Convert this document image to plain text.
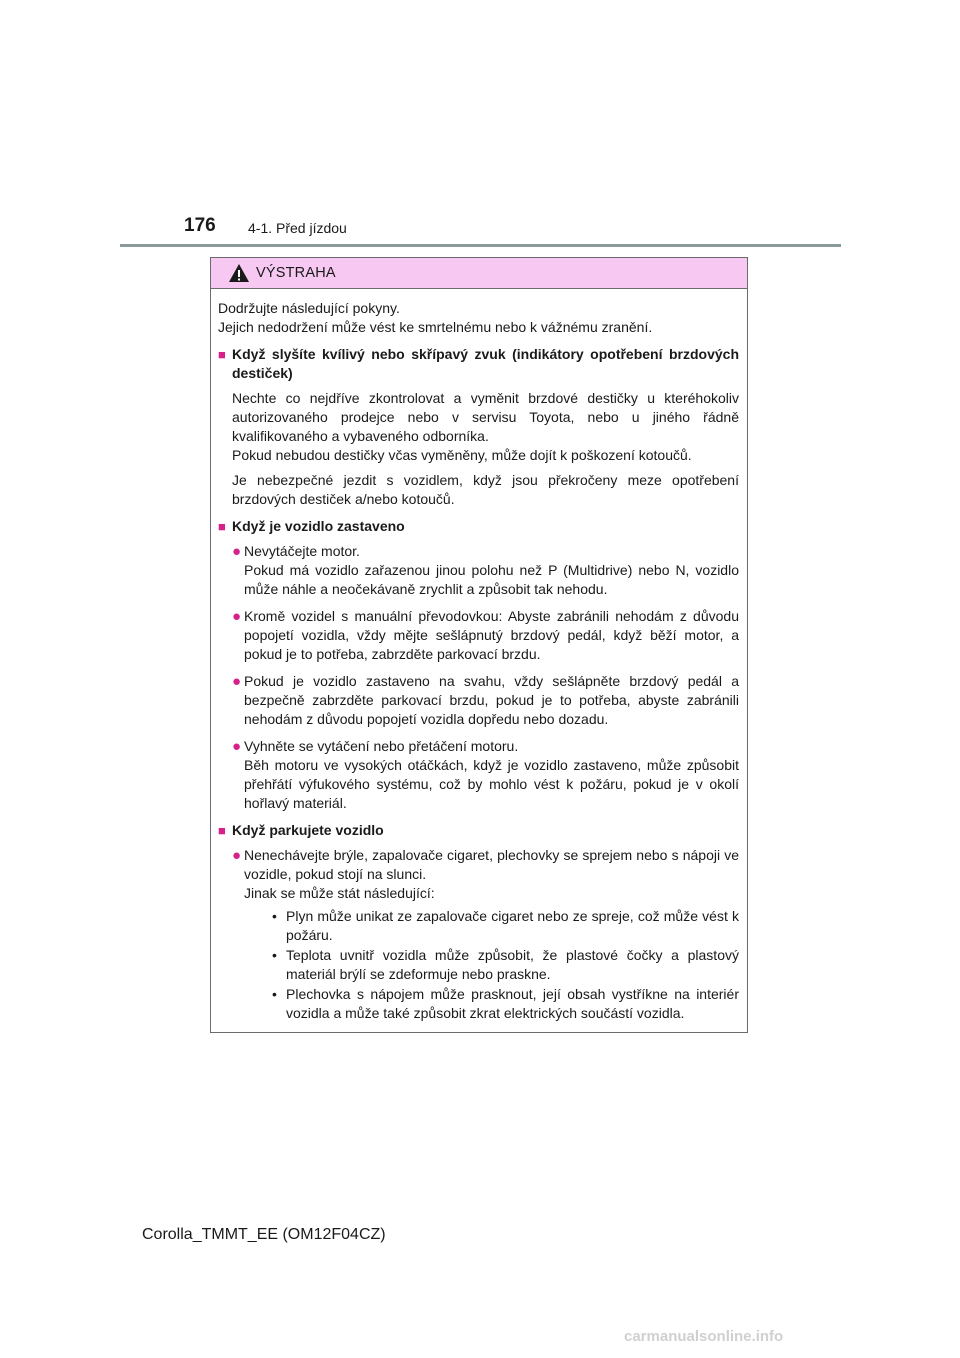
176 4-1. Před jízdou
VÝSTRAHA

Dodržujte následující pokyny.
Jejich nedodržení může vést ke smrtelnému nebo k vážnému zranění.

■ Když slyšíte kvílivý nebo skřípavý zvuk (indikátory opotřebení brzdových destiček)

Nechte co nejdříve zkontrolovat a vyměnit brzdové destičky u kteréhokoliv autorizovaného prodejce nebo v servisu Toyota, nebo u jiného řádně kvalifikovaného a vybaveného odborníka.
Pokud nebudou destičky včas vyměněny, může dojít k poškození kotoučů.

Je nebezpečné jezdit s vozidlem, když jsou překročeny meze opotřebení brzdových destiček a/nebo kotoučů.

■ Když je vozidlo zastaveno
● Nevytáčejte motor.
Pokud má vozidlo zařazenou jinou polohu než P (Multidrive) nebo N, vozidlo může náhle a neočekávaně zrychlit a způsobit tak nehodu.
● Kromě vozidel s manuální převodovkou: Abyste zabránili nehodám z důvodu popojetí vozidla, vždy mějte sešlápnutý brzdový pedál, když běží motor, a pokud je to potřeba, zabrzděte parkovací brzdu.
● Pokud je vozidlo zastaveno na svahu, vždy sešlápněte brzdový pedál a bezpečně zabrzděte parkovací brzdu, pokud je to potřeba, abyste zabránili nehodám z důvodu popojetí vozidla dopředu nebo dozadu.
● Vyhněte se vytáčení nebo přetáčení motoru.
Běh motoru ve vysokých otáčkách, když je vozidlo zastaveno, může způsobit přehřátí výfukového systému, což by mohlo vést k požáru, pokud je v okolí hořlavý materiál.
■ Když parkujete vozidlo
● Nenechávejte brýle, zapalovače cigaret, plechovky se sprejem nebo s nápoji ve vozidle, pokud stojí na slunci.
Jinak se může stát následující:
• Plyn může unikat ze zapalovače cigaret nebo ze spreje, což může vést k požáru.
• Teplota uvnitř vozidla může způsobit, že plastové čočky a plastový materiál brýlí se zdeformuje nebo praskne.
• Plechovka s nápojem může prasknout, její obsah vystříkne na interiér vozidla a může také způsobit zkrat elektrických součástí vozidla.
Corolla_TMMT_EE (OM12F04CZ)
carmanualsonline.info
